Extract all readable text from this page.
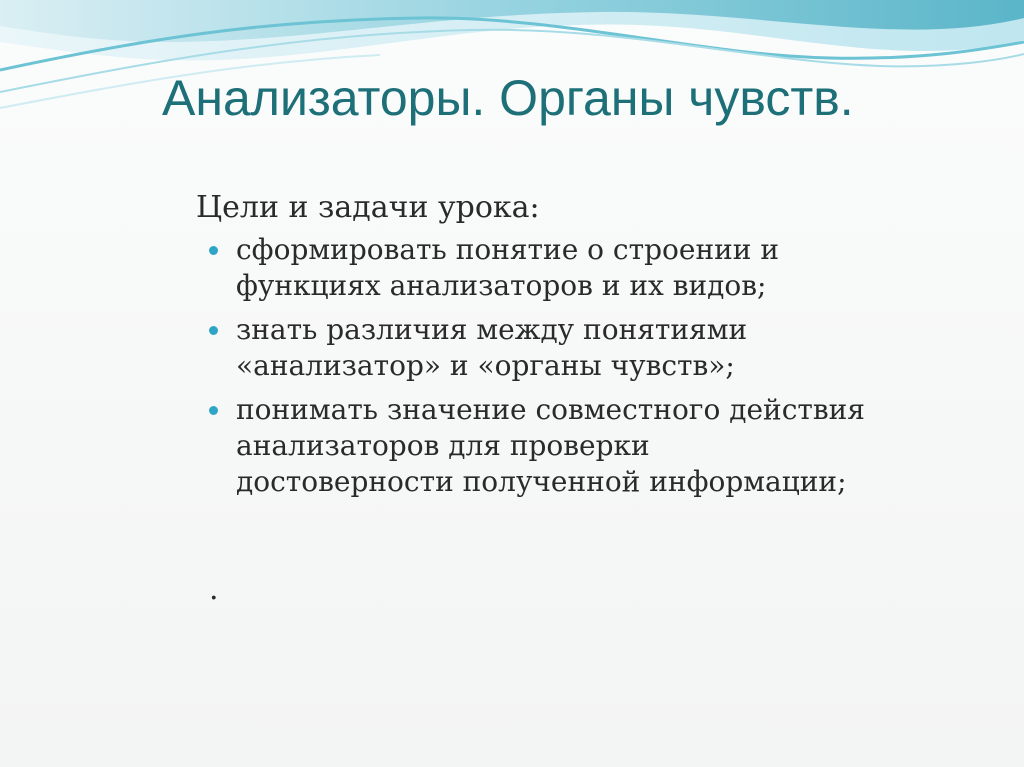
Анализаторы. Органы чувств.
Цели и задачи урока:
сформировать понятие о строении и
функциях анализаторов и их видов;
знать различия между понятиями
«анализатор» и «органы чувств»;
понимать значение совместного действия
анализаторов для проверки
достоверности полученной информации;
.
